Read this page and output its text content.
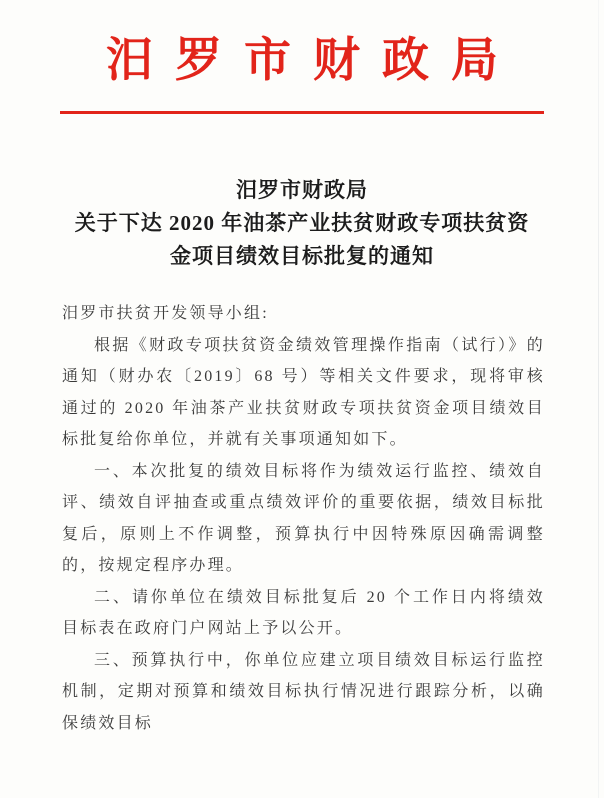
汨罗市财政局
汨罗市财政局
关于下达 2020 年油茶产业扶贫财政专项扶贫资
金项目绩效目标批复的通知

汨罗市扶贫开发领导小组:

根据《财政专项扶贫资金绩效管理操作指南（试行）》的通知（财办农〔2019〕68 号）等相关文件要求，现将审核通过的 2020 年油茶产业扶贫财政专项扶贫资金项目绩效目标批复给你单位，并就有关事项通知如下。

一、本次批复的绩效目标将作为绩效运行监控、绩效自评、绩效自评抽查或重点绩效评价的重要依据，绩效目标批复后，原则上不作调整，预算执行中因特殊原因确需调整的，按规定程序办理。

二、请你单位在绩效目标批复后 20 个工作日内将绩效目标表在政府门户网站上予以公开。

三、预算执行中，你单位应建立项目绩效目标运行监控机制，定期对预算和绩效目标执行情况进行跟踪分析，以确保绩效目标
